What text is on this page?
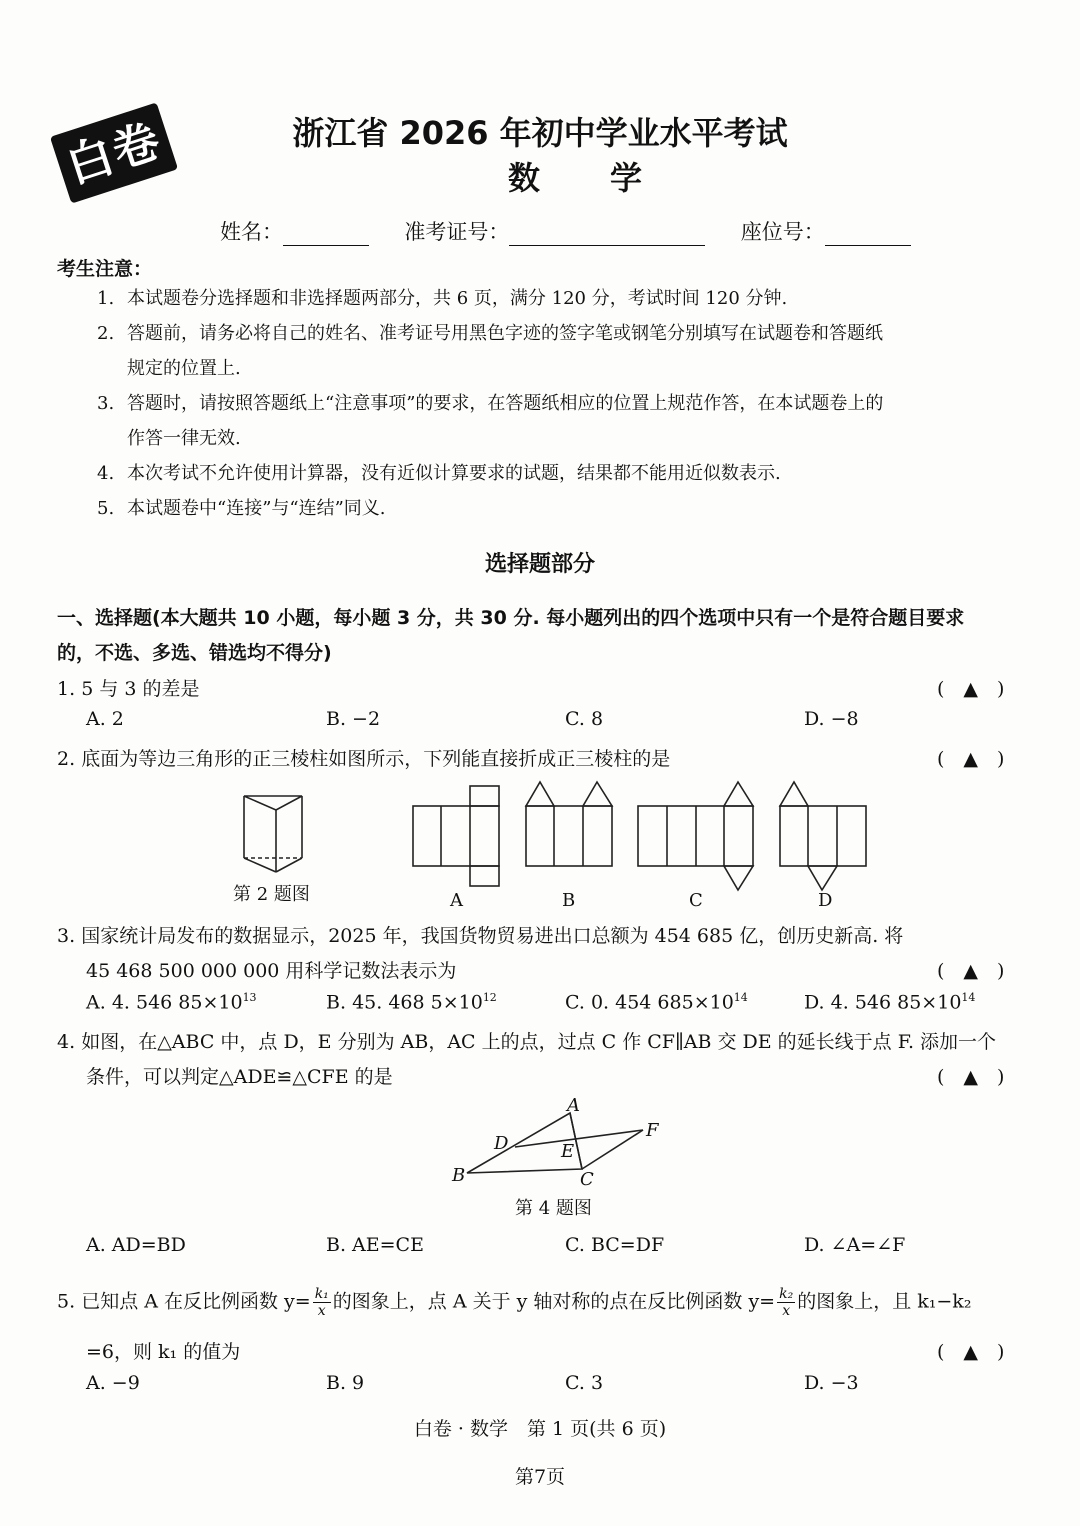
白卷	浙江省 2026 年初中学业水平考试
数学
姓名：	准考证号：	座位号：
考生注意：
1. 本试题卷分选择题和非选择题两部分，共 6 页，满分 120 分，考试时间 120 分钟.
2. 答题前，请务必将自己的姓名、准考证号用黑色字迹的签字笔或钢笔分别填写在试题卷和答题纸
规定的位置上.
3. 答题时，请按照答题纸上“注意事项”的要求，在答题纸相应的位置上规范作答，在本试题卷上的
作答一律无效.
4. 本次考试不允许使用计算器，没有近似计算要求的试题，结果都不能用近似数表示.
5. 本试题卷中“连接”与“连结”同义.
选择题部分
一、选择题(本大题共 10 小题，每小题 3 分，共 30 分. 每小题列出的四个选项中只有一个是符合题目要求
的，不选、多选、错选均不得分)
1. 5 与 3 的差是	(　▲　)
A. 2	B. −2	C. 8	D. −8
2. 底面为等边三角形的正三棱柱如图所示，下列能直接折成正三棱柱的是	(　▲　)
第 2 题图	A	B	C	D
3. 国家统计局发布的数据显示，2025 年，我国货物贸易进出口总额为 454 685 亿，创历史新高. 将
45 468 500 000 000 用科学记数法表示为	(　▲　)
A. 4. 546 $85\times 10^{13}$	B. 45. 468 $5\times 10^{12}$	C. 0. 454 $685\times 10^{14}$	D. 4. 546 $85\times 10^{14}$
4. 如图，在△ABC 中，点 D，E 分别为 AB，AC 上的点，过点 C 作 CF∥AB 交 DE 的延长线于点 F. 添加一个
条件，可以判定△ADE≌△CFE 的是	(　▲　)
A
B	C
D	E
F
第 4 题图
A. AD=BD	B. AE=CE	C. BC=DF	D. ∠A=∠F
5. 已知点 A 在反比例函数 $y= \frac{\text{k₁}}{x}$ 的图象上，点 A 关于 y 轴对称的点在反比例函数 $y= \frac{\text{k₂}}{x}$ 的图象上，且 k₁−k₂
=6，则 k₁ 的值为	(　▲　)
A. −9	B. 9	C. 3	D. −3
白卷 · 数学　第 1 页(共 6 页)
第7页
